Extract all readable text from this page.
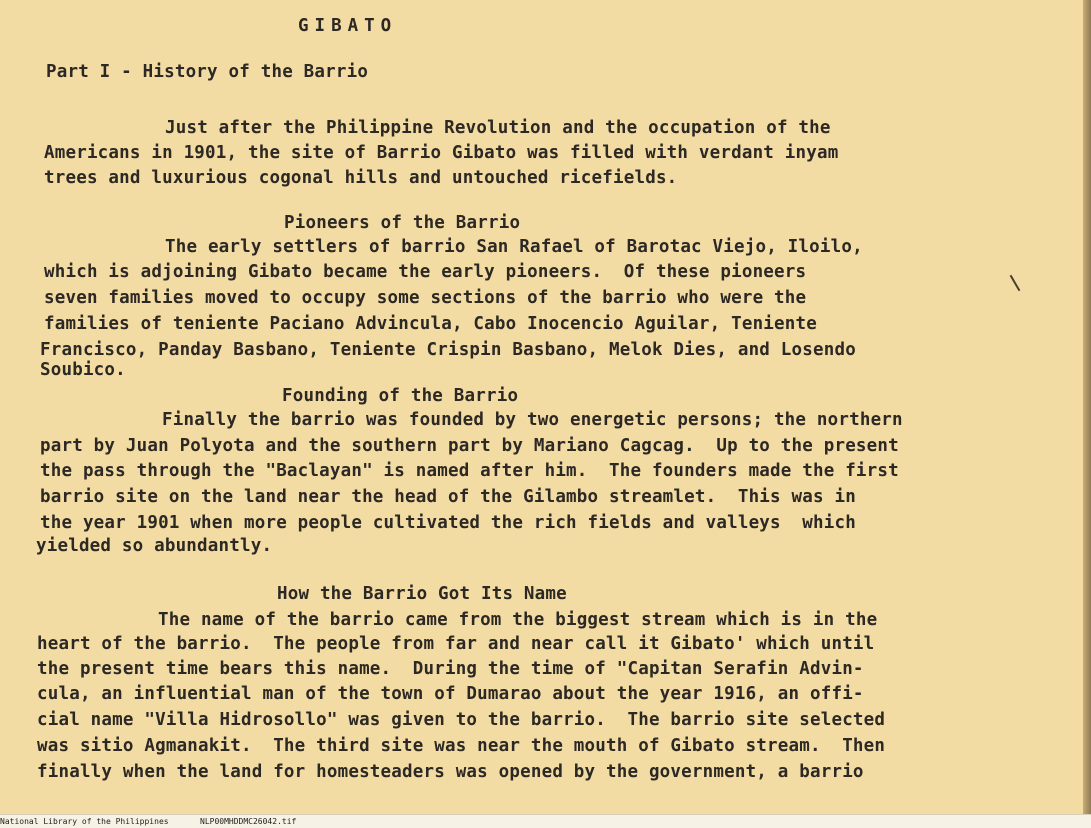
GIBATO
Part I - History of the Barrio
Just after the Philippine Revolution and the occupation of the
Americans in 1901, the site of Barrio Gibato was filled with verdant inyam
trees and luxurious cogonal hills and untouched ricefields.
Pioneers of the Barrio
The early settlers of barrio San Rafael of Barotac Viejo, Iloilo,
which is adjoining Gibato became the early pioneers.  Of these pioneers
seven families moved to occupy some sections of the barrio who were the
families of teniente Paciano Advincula, Cabo Inocencio Aguilar, Teniente
Francisco, Panday Basbano, Teniente Crispin Basbano, Melok Dies, and Losendo
Soubico.
Founding of the Barrio
Finally the barrio was founded by two energetic persons; the northern
part by Juan Polyota and the southern part by Mariano Cagcag.  Up to the present
the pass through the "Baclayan" is named after him.  The founders made the first
barrio site on the land near the head of the Gilambo streamlet.  This was in
the year 1901 when more people cultivated the rich fields and valleys  which
yielded so abundantly.
How the Barrio Got Its Name
The name of the barrio came from the biggest stream which is in the
heart of the barrio.  The people from far and near call it Gibato' which until
the present time bears this name.  During the time of "Capitan Serafin Advin-
cula, an influential man of the town of Dumarao about the year 1916, an offi-
cial name "Villa Hidrosollo" was given to the barrio.  The barrio site selected
was sitio Agmanakit.  The third site was near the mouth of Gibato stream.  Then
finally when the land for homesteaders was opened by the government, a barrio
National Library of the Philippines	NLP00MHDDMC26042.tif
